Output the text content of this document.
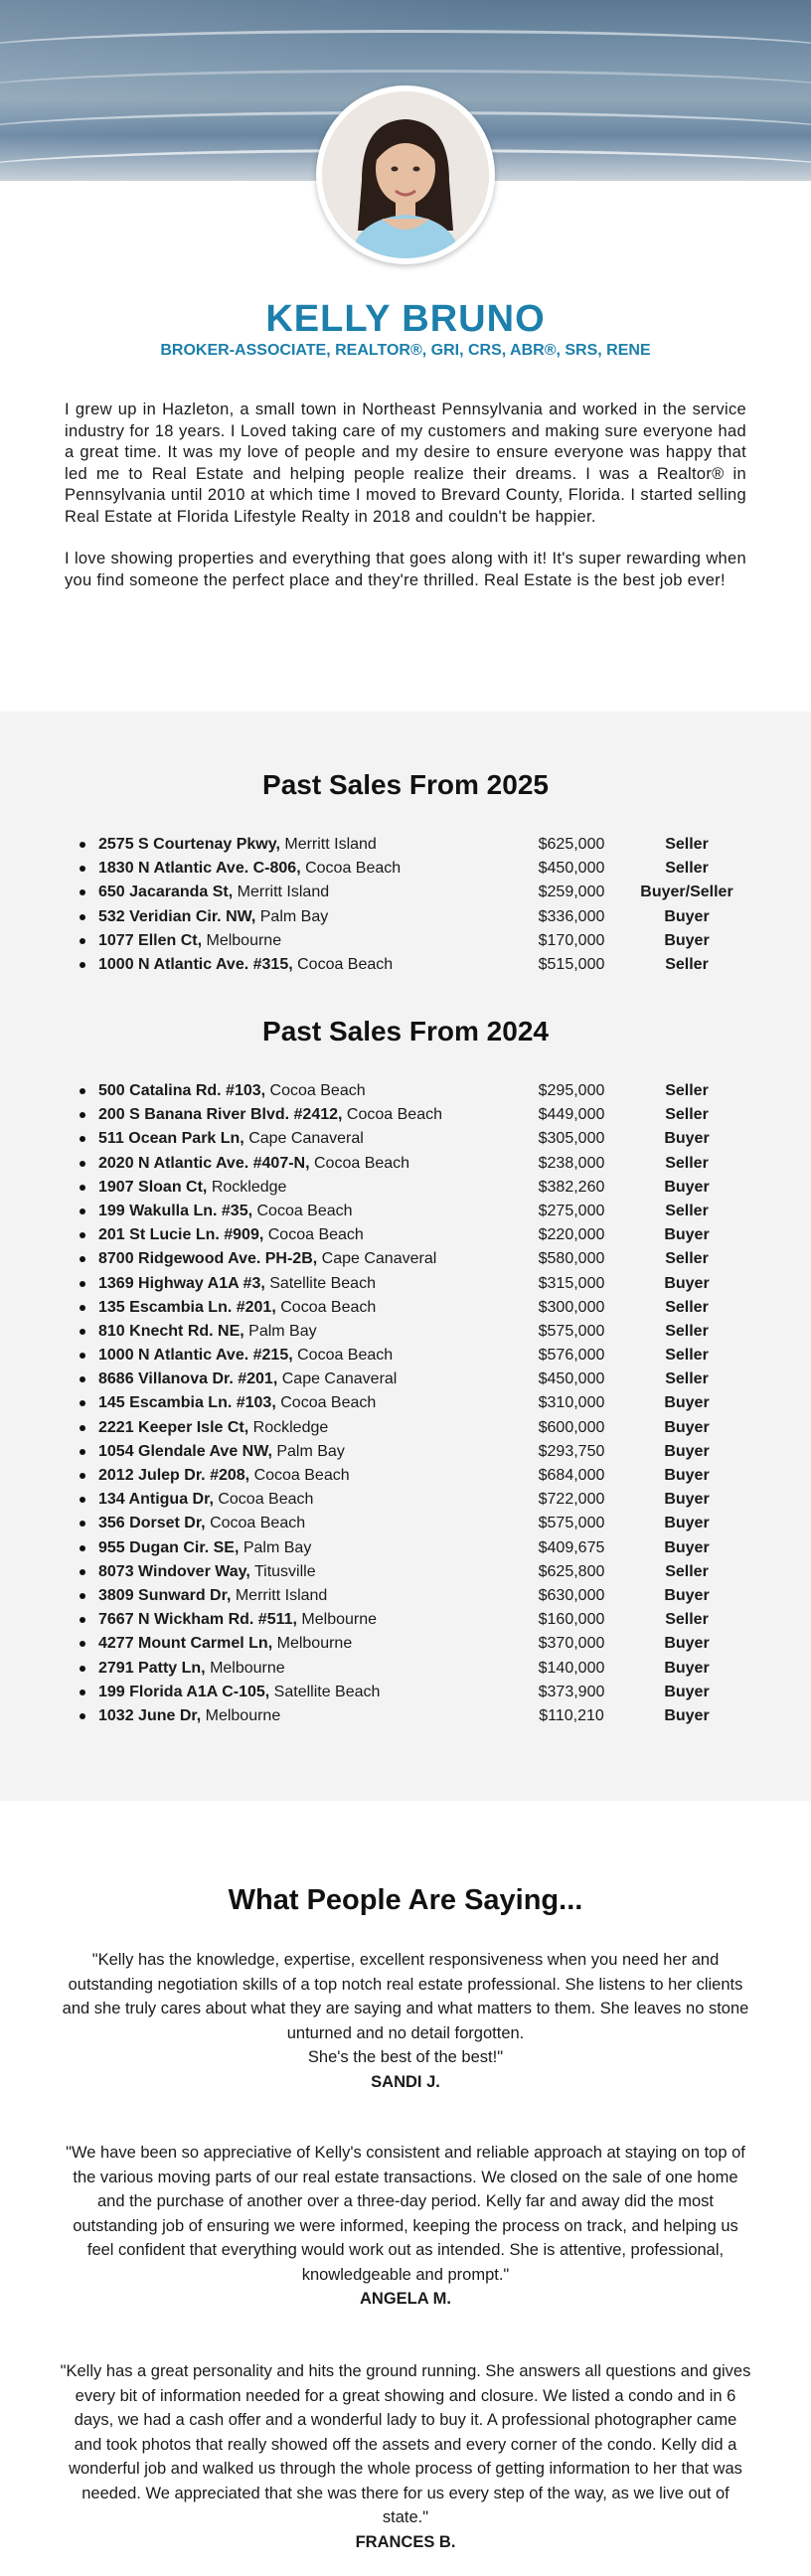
KELLY BRUNO
BROKER-ASSOCIATE, REALTOR®, GRI, CRS, ABR®, SRS, RENE

I grew up in Hazleton, a small town in Northeast Pennsylvania and worked in the service industry for 18 years. I Loved taking care of my customers and making sure everyone had a great time. It was my love of people and my desire to ensure everyone was happy that led me to Real Estate and helping people realize their dreams. I was a Realtor® in Pennsylvania until 2010 at which time I moved to Brevard County, Florida. I started selling Real Estate at Florida Lifestyle Realty in 2018 and couldn't be happier.

I love showing properties and everything that goes along with it! It's super rewarding when you find someone the perfect place and they're thrilled. Real Estate is the best job ever!

Past Sales From 2025
2575 S Courtenay Pkwy, Merritt Island	$625,000	Seller
1830 N Atlantic Ave. C-806, Cocoa Beach	$450,000	Seller
650 Jacaranda St, Merritt Island	$259,000	Buyer/Seller
532 Veridian Cir. NW, Palm Bay	$336,000	Buyer
1077 Ellen Ct, Melbourne	$170,000	Buyer
1000 N Atlantic Ave. #315, Cocoa Beach	$515,000	Seller
Past Sales From 2024
500 Catalina Rd. #103, Cocoa Beach	$295,000	Seller
200 S Banana River Blvd. #2412, Cocoa Beach	$449,000	Seller
511 Ocean Park Ln, Cape Canaveral	$305,000	Buyer
2020 N Atlantic Ave. #407-N, Cocoa Beach	$238,000	Seller
1907 Sloan Ct, Rockledge	$382,260	Buyer
199 Wakulla Ln. #35, Cocoa Beach	$275,000	Seller
201 St Lucie Ln. #909, Cocoa Beach	$220,000	Buyer
8700 Ridgewood Ave. PH-2B, Cape Canaveral	$580,000	Seller
1369 Highway A1A #3, Satellite Beach	$315,000	Buyer
135 Escambia Ln. #201, Cocoa Beach	$300,000	Seller
810 Knecht Rd. NE, Palm Bay	$575,000	Seller
1000 N Atlantic Ave. #215, Cocoa Beach	$576,000	Seller
8686 Villanova Dr. #201, Cape Canaveral	$450,000	Seller
145 Escambia Ln. #103, Cocoa Beach	$310,000	Buyer
2221 Keeper Isle Ct, Rockledge	$600,000	Buyer
1054 Glendale Ave NW, Palm Bay	$293,750	Buyer
2012 Julep Dr. #208, Cocoa Beach	$684,000	Buyer
134 Antigua Dr, Cocoa Beach	$722,000	Buyer
356 Dorset Dr, Cocoa Beach	$575,000	Buyer
955 Dugan Cir. SE, Palm Bay	$409,675	Buyer
8073 Windover Way, Titusville	$625,800	Seller
3809 Sunward Dr, Merritt Island	$630,000	Buyer
7667 N Wickham Rd. #511, Melbourne	$160,000	Seller
4277 Mount Carmel Ln, Melbourne	$370,000	Buyer
2791 Patty Ln, Melbourne	$140,000	Buyer
199 Florida A1A C-105, Satellite Beach	$373,900	Buyer
1032 June Dr, Melbourne	$110,210	Buyer
What People Are Saying...
"Kelly has the knowledge, expertise, excellent responsiveness when you need her and outstanding negotiation skills of a top notch real estate professional. She listens to her clients and she truly cares about what they are saying and what matters to them. She leaves no stone unturned and no detail forgotten.
She's the best of the best!"
SANDI J.
"We have been so appreciative of Kelly's consistent and reliable approach at staying on top of the various moving parts of our real estate transactions. We closed on the sale of one home and the purchase of another over a three-day period. Kelly far and away did the most outstanding job of ensuring we were informed, keeping the process on track, and helping us feel confident that everything would work out as intended. She is attentive, professional, knowledgeable and prompt."
ANGELA M.
"Kelly has a great personality and hits the ground running. She answers all questions and gives every bit of information needed for a great showing and closure. We listed a condo and in 6 days, we had a cash offer and a wonderful lady to buy it. A professional photographer came and took photos that really showed off the assets and every corner of the condo. Kelly did a wonderful job and walked us through the whole process of getting information to her that was needed. We appreciated that she was there for us every step of the way, as we live out of state."
FRANCES B.
